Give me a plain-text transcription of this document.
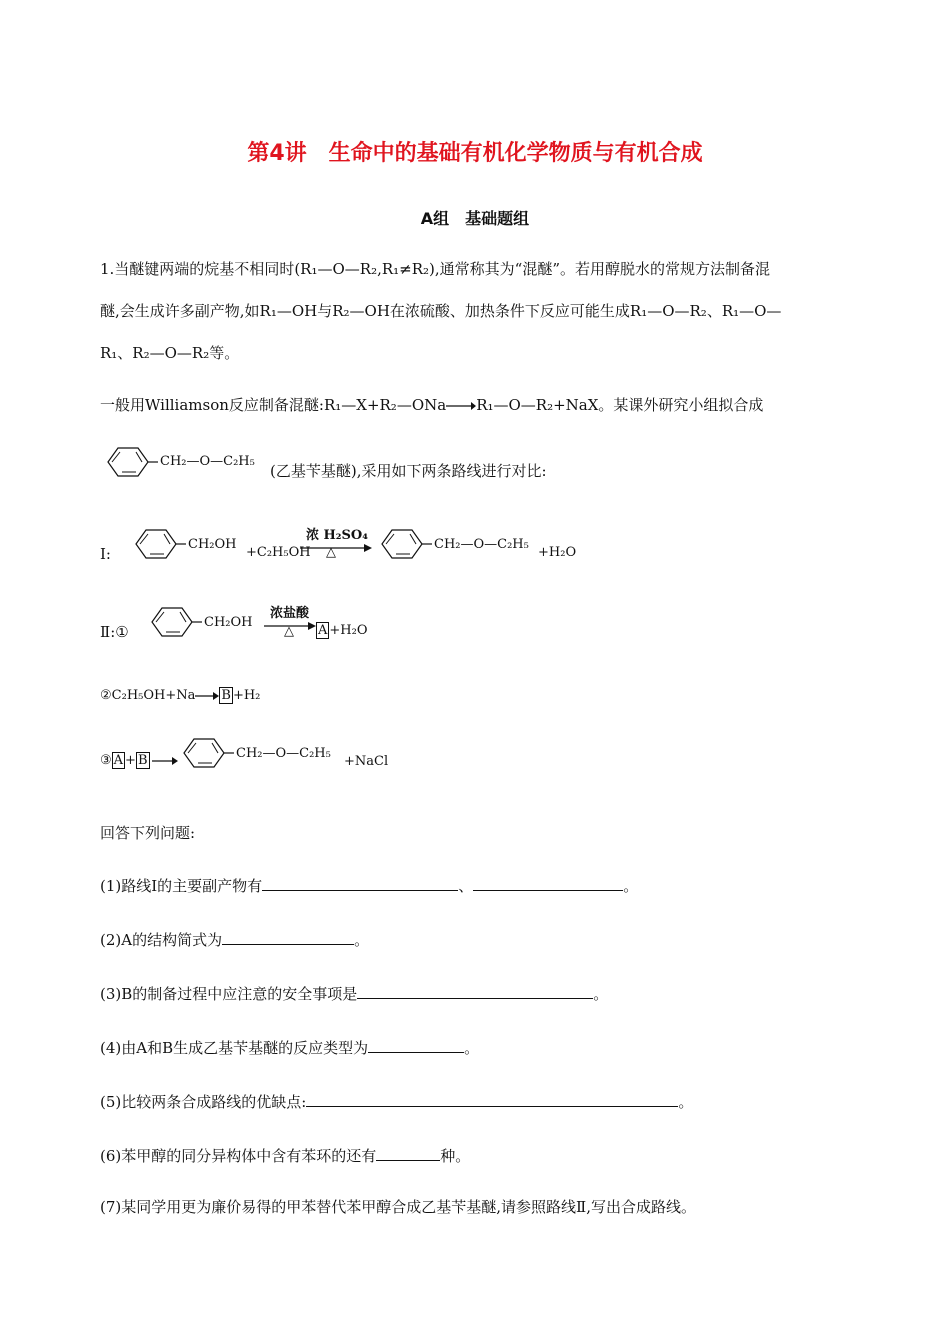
第4讲　生命中的基础有机化学物质与有机合成
A组　基础题组
1.当醚键两端的烷基不相同时(R₁—O—R₂,R₁≠R₂),通常称其为“混醚”。若用醇脱水的常规方法制备混
醚,会生成许多副产物,如R₁—OH与R₂—OH在浓硫酸、加热条件下反应可能生成R₁—O—R₂、R₁—O—
R₁、R₂—O—R₂等。
一般用Williamson反应制备混醚:R₁—X+R₂—ONa R₁—O—R₂+NaX。某课外研究小组拟合成
CH₂—O—C₂H₅
(乙基苄基醚),采用如下两条路线进行对比:
Ⅰ:
CH₂OH
+C₂H₅OH
浓 H₂SO₄
△
CH₂—O—C₂H₅
+H₂O
Ⅱ:①
CH₂OH
浓盐酸
△ A +H₂O
②C₂H₅OH+Na B +H₂
③ A + B	CH₂—O—C₂H₅
+NaCl
回答下列问题:
(1)路线Ⅰ的主要副产物有	、	。
(2)A的结构简式为	。
(3)B的制备过程中应注意的安全事项是	。
(4)由A和B生成乙基苄基醚的反应类型为	。
(5)比较两条合成路线的优缺点:	。
(6)苯甲醇的同分异构体中含有苯环的还有	种。
(7)某同学用更为廉价易得的甲苯替代苯甲醇合成乙基苄基醚,请参照路线Ⅱ,写出合成路线。
